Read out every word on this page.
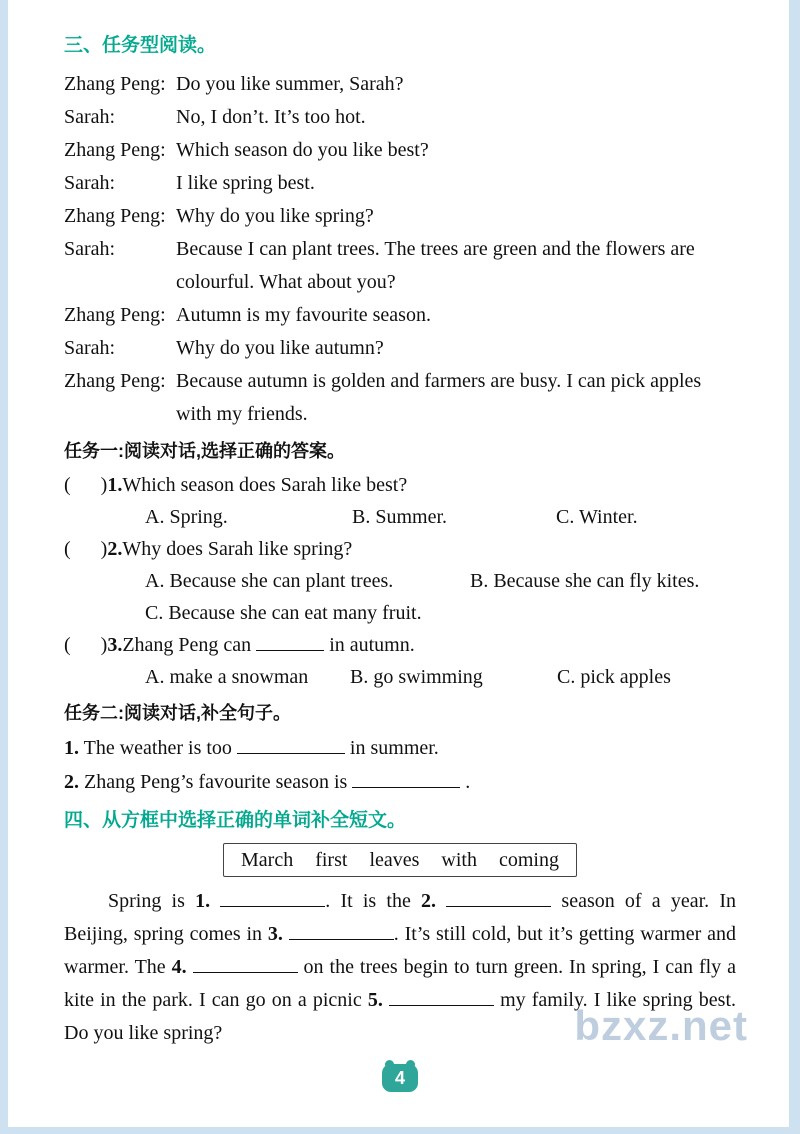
三、任务型阅读。
Zhang Peng: Do you like summer, Sarah?
Sarah:	No, I don’t. It’s too hot.
Zhang Peng: Which season do you like best?
Sarah:	I like spring best.
Zhang Peng: Why do you like spring?
Sarah:	Because I can plant trees. The trees are green and the flowers are colourful. What about you?
Zhang Peng: Autumn is my favourite season.
Sarah:	Why do you like autumn?
Zhang Peng: Because autumn is golden and farmers are busy. I can pick apples with my friends.
任务一:阅读对话,选择正确的答案。
(      ) 1. Which season does Sarah like best?
A. Spring.	B. Summer.	C. Winter.
(      ) 2. Why does Sarah like spring?
A. Because she can plant trees.	B. Because she can fly kites.
C. Because she can eat many fruit.
(      ) 3. Zhang Peng can	in autumn.
A. make a snowman	B. go swimming	C. pick apples
任务二:阅读对话,补全句子。
1. The weather is too	in summer.
2. Zhang Peng’s favourite season is	.
四、从方框中选择正确的单词补全短文。
March first leaves with coming
Spring is 1.	. It is the 2.	season of a year. In Beijing, spring comes in 3.	. It’s still cold, but it’s getting warmer and warmer. The 4.	on the trees begin to turn green. In spring, I can fly a kite in the park. I can go on a picnic 5.	my family. I like spring best. Do you like spring?
4
bzxz.net
